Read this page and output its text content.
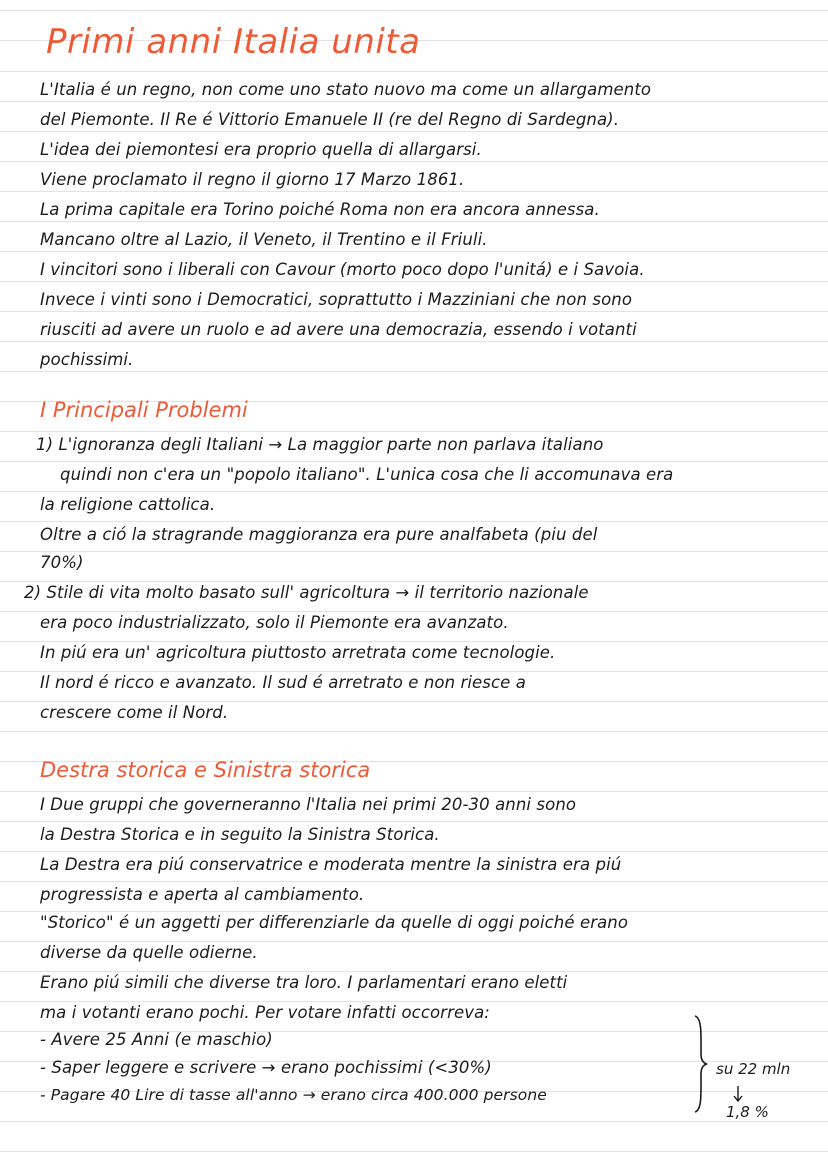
Primi anni Italia unita
L'Italia é un regno, non come uno stato nuovo ma come un allargamento
del Piemonte. Il Re é Vittorio Emanuele II (re del Regno di Sardegna).
L'idea dei piemontesi era proprio quella di allargarsi.
Viene proclamato il regno il giorno 17 Marzo 1861.
La prima capitale era Torino poiché Roma non era ancora annessa.
Mancano oltre al Lazio, il Veneto, il Trentino e il Friuli.
I vincitori sono i liberali con Cavour (morto poco dopo l'unitá) e i Savoia.
Invece i vinti sono i Democratici, soprattutto i Mazziniani che non sono
riusciti ad avere un ruolo e ad avere una democrazia, essendo i votanti
pochissimi.
I Principali Problemi
1) L'ignoranza degli Italiani → La maggior parte non parlava italiano
quindi non c'era un "popolo italiano". L'unica cosa che li accomunava era
la religione cattolica.
Oltre a ció la stragrande maggioranza era pure analfabeta (piu del
70%)
2) Stile di vita molto basato sull' agricoltura → il territorio nazionale
era poco industrializzato, solo il Piemonte era avanzato.
In piú era un' agricoltura piuttosto arretrata come tecnologie.
Il nord é ricco e avanzato. Il sud é arretrato e non riesce a
crescere come il Nord.
Destra storica e Sinistra storica
I Due gruppi che governeranno l'Italia nei primi 20-30 anni sono
la Destra Storica e in seguito la Sinistra Storica.
La Destra era piú conservatrice e moderata mentre la sinistra era piú
progressista e aperta al cambiamento.
"Storico" é un aggetti per differenziarle da quelle di oggi poiché erano
diverse da quelle odierne.
Erano piú simili che diverse tra loro. I parlamentari erano eletti
ma i votanti erano pochi. Per votare infatti occorreva:
- Avere 25 Anni (e maschio)
- Saper leggere e scrivere → erano pochissimi (<30%)
- Pagare 40 Lire di tasse all'anno → erano circa 400.000 persone
su 22 mln
1,8 %
